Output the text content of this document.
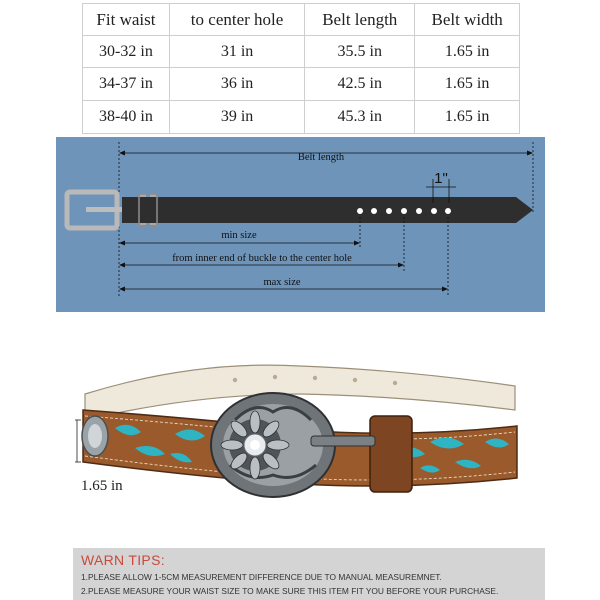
Fit waist	to center hole	Belt length	Belt width
30-32 in	31 in	35.5 in	1.65 in
34-37 in	36 in	42.5 in	1.65 in
38-40 in	39 in	45.3 in	1.65 in
Belt length
1"
min size
from inner end of buckle to the center hole
max size
1.65 in
WARN TIPS:
1.PLEASE ALLOW 1-5CM MEASUREMENT DIFFERENCE DUE TO MANUAL MEASUREMNET.
2.PLEASE MEASURE YOUR WAIST SIZE TO MAKE SURE THIS ITEM FIT YOU BEFORE YOUR PURCHASE.
